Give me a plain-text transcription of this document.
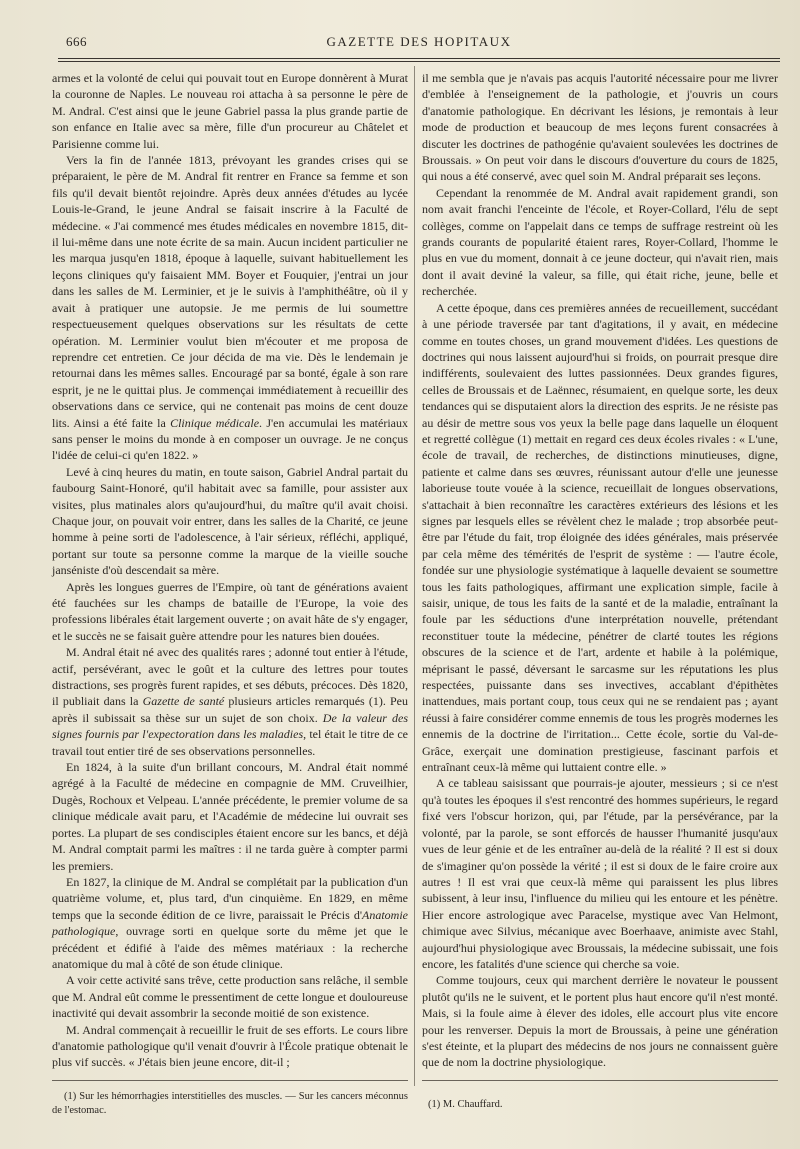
666	GAZETTE DES HOPITAUX

armes et la volonté de celui qui pouvait tout en Europe donnèrent à Murat la couronne de Naples. Le nouveau roi attacha à sa personne le père de M. Andral. C'est ainsi que le jeune Gabriel passa la plus grande partie de son enfance en Italie avec sa mère, fille d'un procureur au Châtelet et Parisienne comme lui.

Vers la fin de l'année 1813, prévoyant les grandes crises qui se préparaient, le père de M. Andral fit rentrer en France sa femme et son fils qu'il devait bientôt rejoindre. Après deux années d'études au lycée Louis-le-Grand, le jeune Andral se faisait inscrire à la Faculté de médecine. « J'ai commencé mes études médicales en novembre 1815, dit-il lui-même dans une note écrite de sa main. Aucun incident particulier ne les marqua jusqu'en 1818, époque à laquelle, suivant habituellement les leçons cliniques qu'y faisaient MM. Boyer et Fouquier, j'entrai un jour dans les salles de M. Lerminier, et je le suivis à l'amphithéâtre, où il y avait à pratiquer une autopsie. Je me permis de lui soumettre respectueusement quelques observations sur les résultats de cette opération. M. Lerminier voulut bien m'écouter et me proposa de reprendre cet entretien. Ce jour décida de ma vie. Dès le lendemain je retournai dans les mêmes salles. Encouragé par sa bonté, égale à son rare esprit, je ne le quittai plus. Je commençai immédiatement à recueillir des observations dans ce service, qui ne contenait pas moins de cent douze lits. Ainsi a été faite la Clinique médicale. J'en accumulai les matériaux sans penser le moins du monde à en composer un ouvrage. Je ne conçus l'idée de celui-ci qu'en 1822. »

Levé à cinq heures du matin, en toute saison, Gabriel Andral partait du faubourg Saint-Honoré, qu'il habitait avec sa famille, pour assister aux visites, plus matinales alors qu'aujourd'hui, du maître qu'il avait choisi. Chaque jour, on pouvait voir entrer, dans les salles de la Charité, ce jeune homme à peine sorti de l'adolescence, à l'air sérieux, réfléchi, appliqué, portant sur toute sa personne comme la marque de la vieille souche janséniste d'où descendait sa mère.

Après les longues guerres de l'Empire, où tant de générations avaient été fauchées sur les champs de bataille de l'Europe, la voie des professions libérales était largement ouverte ; on avait hâte de s'y engager, et le succès ne se faisait guère attendre pour les natures bien douées.

M. Andral était né avec des qualités rares ; adonné tout entier à l'étude, actif, persévérant, avec le goût et la culture des lettres pour toutes distractions, ses progrès furent rapides, et ses débuts, précoces. Dès 1820, il publiait dans la Gazette de santé plusieurs articles remarqués (1). Peu après il subissait sa thèse sur un sujet de son choix. De la valeur des signes fournis par l'expectoration dans les maladies, tel était le titre de ce travail tout entier tiré de ses observations personnelles.

En 1824, à la suite d'un brillant concours, M. Andral était nommé agrégé à la Faculté de médecine en compagnie de MM. Cruveilhier, Dugès, Rochoux et Velpeau. L'année précédente, le premier volume de sa clinique médicale avait paru, et l'Académie de médecine lui ouvrait ses portes. La plupart de ses condisciples étaient encore sur les bancs, et déjà M. Andral comptait parmi les maîtres : il ne tarda guère à compter parmi les premiers.

En 1827, la clinique de M. Andral se complétait par la publication d'un quatrième volume, et, plus tard, d'un cinquième. En 1829, en même temps que la seconde édition de ce livre, paraissait le Précis d'Anatomie pathologique, ouvrage sorti en quelque sorte du même jet que le précédent et édifié à l'aide des mêmes matériaux : la recherche anatomique du mal à côté de son étude clinique.

A voir cette activité sans trêve, cette production sans relâche, il semble que M. Andral eût comme le pressentiment de cette longue et douloureuse inactivité qui devait assombrir la seconde moitié de son existence.

M. Andral commençait à recueillir le fruit de ses efforts. Le cours libre d'anatomie pathologique qu'il venait d'ouvrir à l'École pratique obtenait le plus vif succès. « J'étais bien jeune encore, dit-il ;

il me sembla que je n'avais pas acquis l'autorité nécessaire pour me livrer d'emblée à l'enseignement de la pathologie, et j'ouvris un cours d'anatomie pathologique. En décrivant les lésions, je remontais à leur mode de production et beaucoup de mes leçons furent consacrées à discuter les doctrines de pathogénie qu'avaient soulevées les doctrines de Broussais. » On peut voir dans le discours d'ouverture du cours de 1825, qui nous a été conservé, avec quel soin M. Andral préparait ses leçons.

Cependant la renommée de M. Andral avait rapidement grandi, son nom avait franchi l'enceinte de l'école, et Royer-Collard, l'élu de sept collèges, comme on l'appelait dans ce temps de suffrage restreint où les grands courants de popularité étaient rares, Royer-Collard, l'homme le plus en vue du moment, donnait à ce jeune docteur, qui n'avait rien, mais dont il avait deviné la valeur, sa fille, qui était riche, jeune, belle et recherchée.

A cette époque, dans ces premières années de recueillement, succédant à une période traversée par tant d'agitations, il y avait, en médecine comme en toutes choses, un grand mouvement d'idées. Les questions de doctrines qui nous laissent aujourd'hui si froids, on pourrait presque dire indifférents, soulevaient des luttes passionnées. Deux grandes figures, celles de Broussais et de Laënnec, résumaient, en quelque sorte, les deux tendances qui se disputaient alors la direction des esprits. Je ne résiste pas au désir de mettre sous vos yeux la belle page dans laquelle un éloquent et regretté collègue (1) mettait en regard ces deux écoles rivales : « L'une, école de travail, de recherches, de distinctions minutieuses, digne, patiente et calme dans ses œuvres, réunissant autour d'elle une jeunesse laborieuse toute vouée à la science, recueillait de longues observations, s'attachait à bien reconnaître les caractères extérieurs des lésions et les signes par lesquels elles se révèlent chez le malade ; trop absorbée peut-être par l'étude du fait, trop éloignée des idées générales, mais préservée par cela même des témérités de l'esprit de système : — l'autre école, fondée sur une physiologie systématique à laquelle devaient se soumettre tous les faits pathologiques, affirmant une explication simple, facile à saisir, unique, de tous les faits de la santé et de la maladie, entraînant la foule par les séductions d'une interprétation nouvelle, prétendant reconstituer toute la médecine, pénétrer de clarté toutes les régions obscures de la science et de l'art, ardente et habile à la polémique, méprisant le passé, déversant le sarcasme sur les réputations les plus respectées, puissante dans ses invectives, accablant d'épithètes inattendues, mais portant coup, tous ceux qui ne se rendaient pas ; ayant réussi à faire considérer comme ennemis de tous les progrès modernes les ennemis de la doctrine de l'irritation... Cette école, sortie du Val-de-Grâce, exerçait une domination prestigieuse, fascinant parfois et entraînant ceux-là même qui luttaient contre elle. »

A ce tableau saisissant que pourrais-je ajouter, messieurs ; si ce n'est qu'à toutes les époques il s'est rencontré des hommes supérieurs, le regard fixé vers l'obscur horizon, qui, par l'étude, par la persévérance, par la volonté, par la parole, se sont efforcés de hausser l'humanité jusqu'aux vues de leur génie et de les entraîner au-delà de la réalité ? Il est si doux de s'imaginer qu'on possède la vérité ; il est si doux de le faire croire aux autres ! Il est vrai que ceux-là même qui paraissent les plus libres subissent, à leur insu, l'influence du milieu qui les entoure et les pénètre. Hier encore astrologique avec Paracelse, mystique avec Van Helmont, chimique avec Silvius, mécanique avec Boerhaave, animiste avec Stahl, aujourd'hui physiologique avec Broussais, la médecine subissait, une fois encore, les fatalités d'une science qui cherche sa voie.

Comme toujours, ceux qui marchent derrière le novateur le poussent plutôt qu'ils ne le suivent, et le portent plus haut encore qu'il n'est monté. Mais, si la foule aime à élever des idoles, elle accourt plus vite encore pour les renverser. Depuis la mort de Broussais, à peine une génération s'est éteinte, et la plupart des médecins de nos jours ne connaissent guère que de nom la doctrine physiologique.

(1) Sur les hémorrhagies interstitielles des muscles. — Sur les cancers méconnus de l'estomac.
(1) M. Chauffard.
